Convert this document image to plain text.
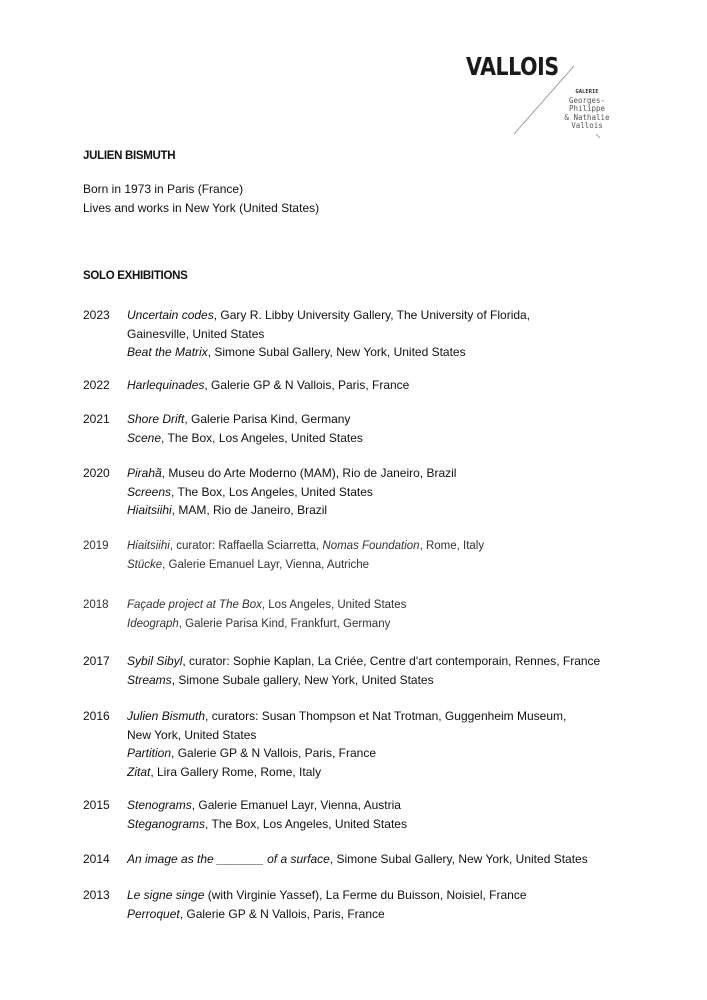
VALLOIS
GALERIE
Georges-Philippe
& Nathalie
Vallois
JULIEN BISMUTH
Born in 1973 in Paris (France)
Lives and works in New York (United States)
SOLO EXHIBITIONS
2023	Uncertain codes, Gary R. Libby University Gallery, The University of Florida,
Gainesville, United States
Beat the Matrix, Simone Subal Gallery, New York, United States
2022	Harlequinades, Galerie GP & N Vallois, Paris, France
2021	Shore Drift, Galerie Parisa Kind, Germany
Scene, The Box, Los Angeles, United States
2020	Pirahã, Museu do Arte Moderno (MAM), Rio de Janeiro, Brazil
Screens, The Box, Los Angeles, United States
Hiaitsiihi, MAM, Rio de Janeiro, Brazil
2019	Hiaitsiihi, curator: Raffaella Sciarretta, Nomas Foundation, Rome, Italy
Stücke, Galerie Emanuel Layr, Vienna, Autriche
2018	Façade project at The Box, Los Angeles, United States
Ideograph, Galerie Parisa Kind, Frankfurt, Germany
2017	Sybil Sibyl, curator: Sophie Kaplan, La Criée, Centre d'art contemporain, Rennes, France
Streams, Simone Subale gallery, New York, United States
2016	Julien Bismuth, curators: Susan Thompson et Nat Trotman, Guggenheim Museum,
New York, United States
Partition, Galerie GP & N Vallois, Paris, France
Zitat, Lira Gallery Rome, Rome, Italy
2015	Stenograms, Galerie Emanuel Layr, Vienna, Austria
Steganograms, The Box, Los Angeles, United States
2014	An image as the _______ of a surface, Simone Subal Gallery, New York, United States
2013	Le signe singe (with Virginie Yassef), La Ferme du Buisson, Noisiel, France
Perroquet, Galerie GP & N Vallois, Paris, France
